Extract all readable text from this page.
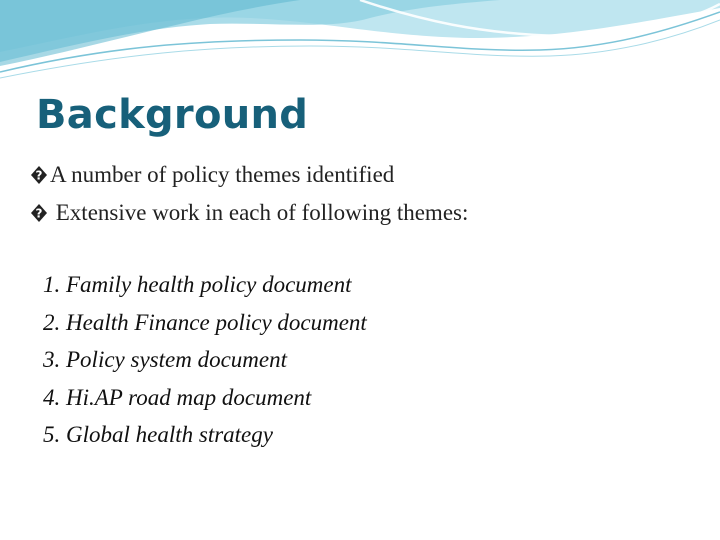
Background
? A number of policy themes identified
? Extensive work in each of following themes:
1. Family health policy document
2. Health Finance policy document
3. Policy system document
4. Hi.AP road map document
5. Global health strategy
